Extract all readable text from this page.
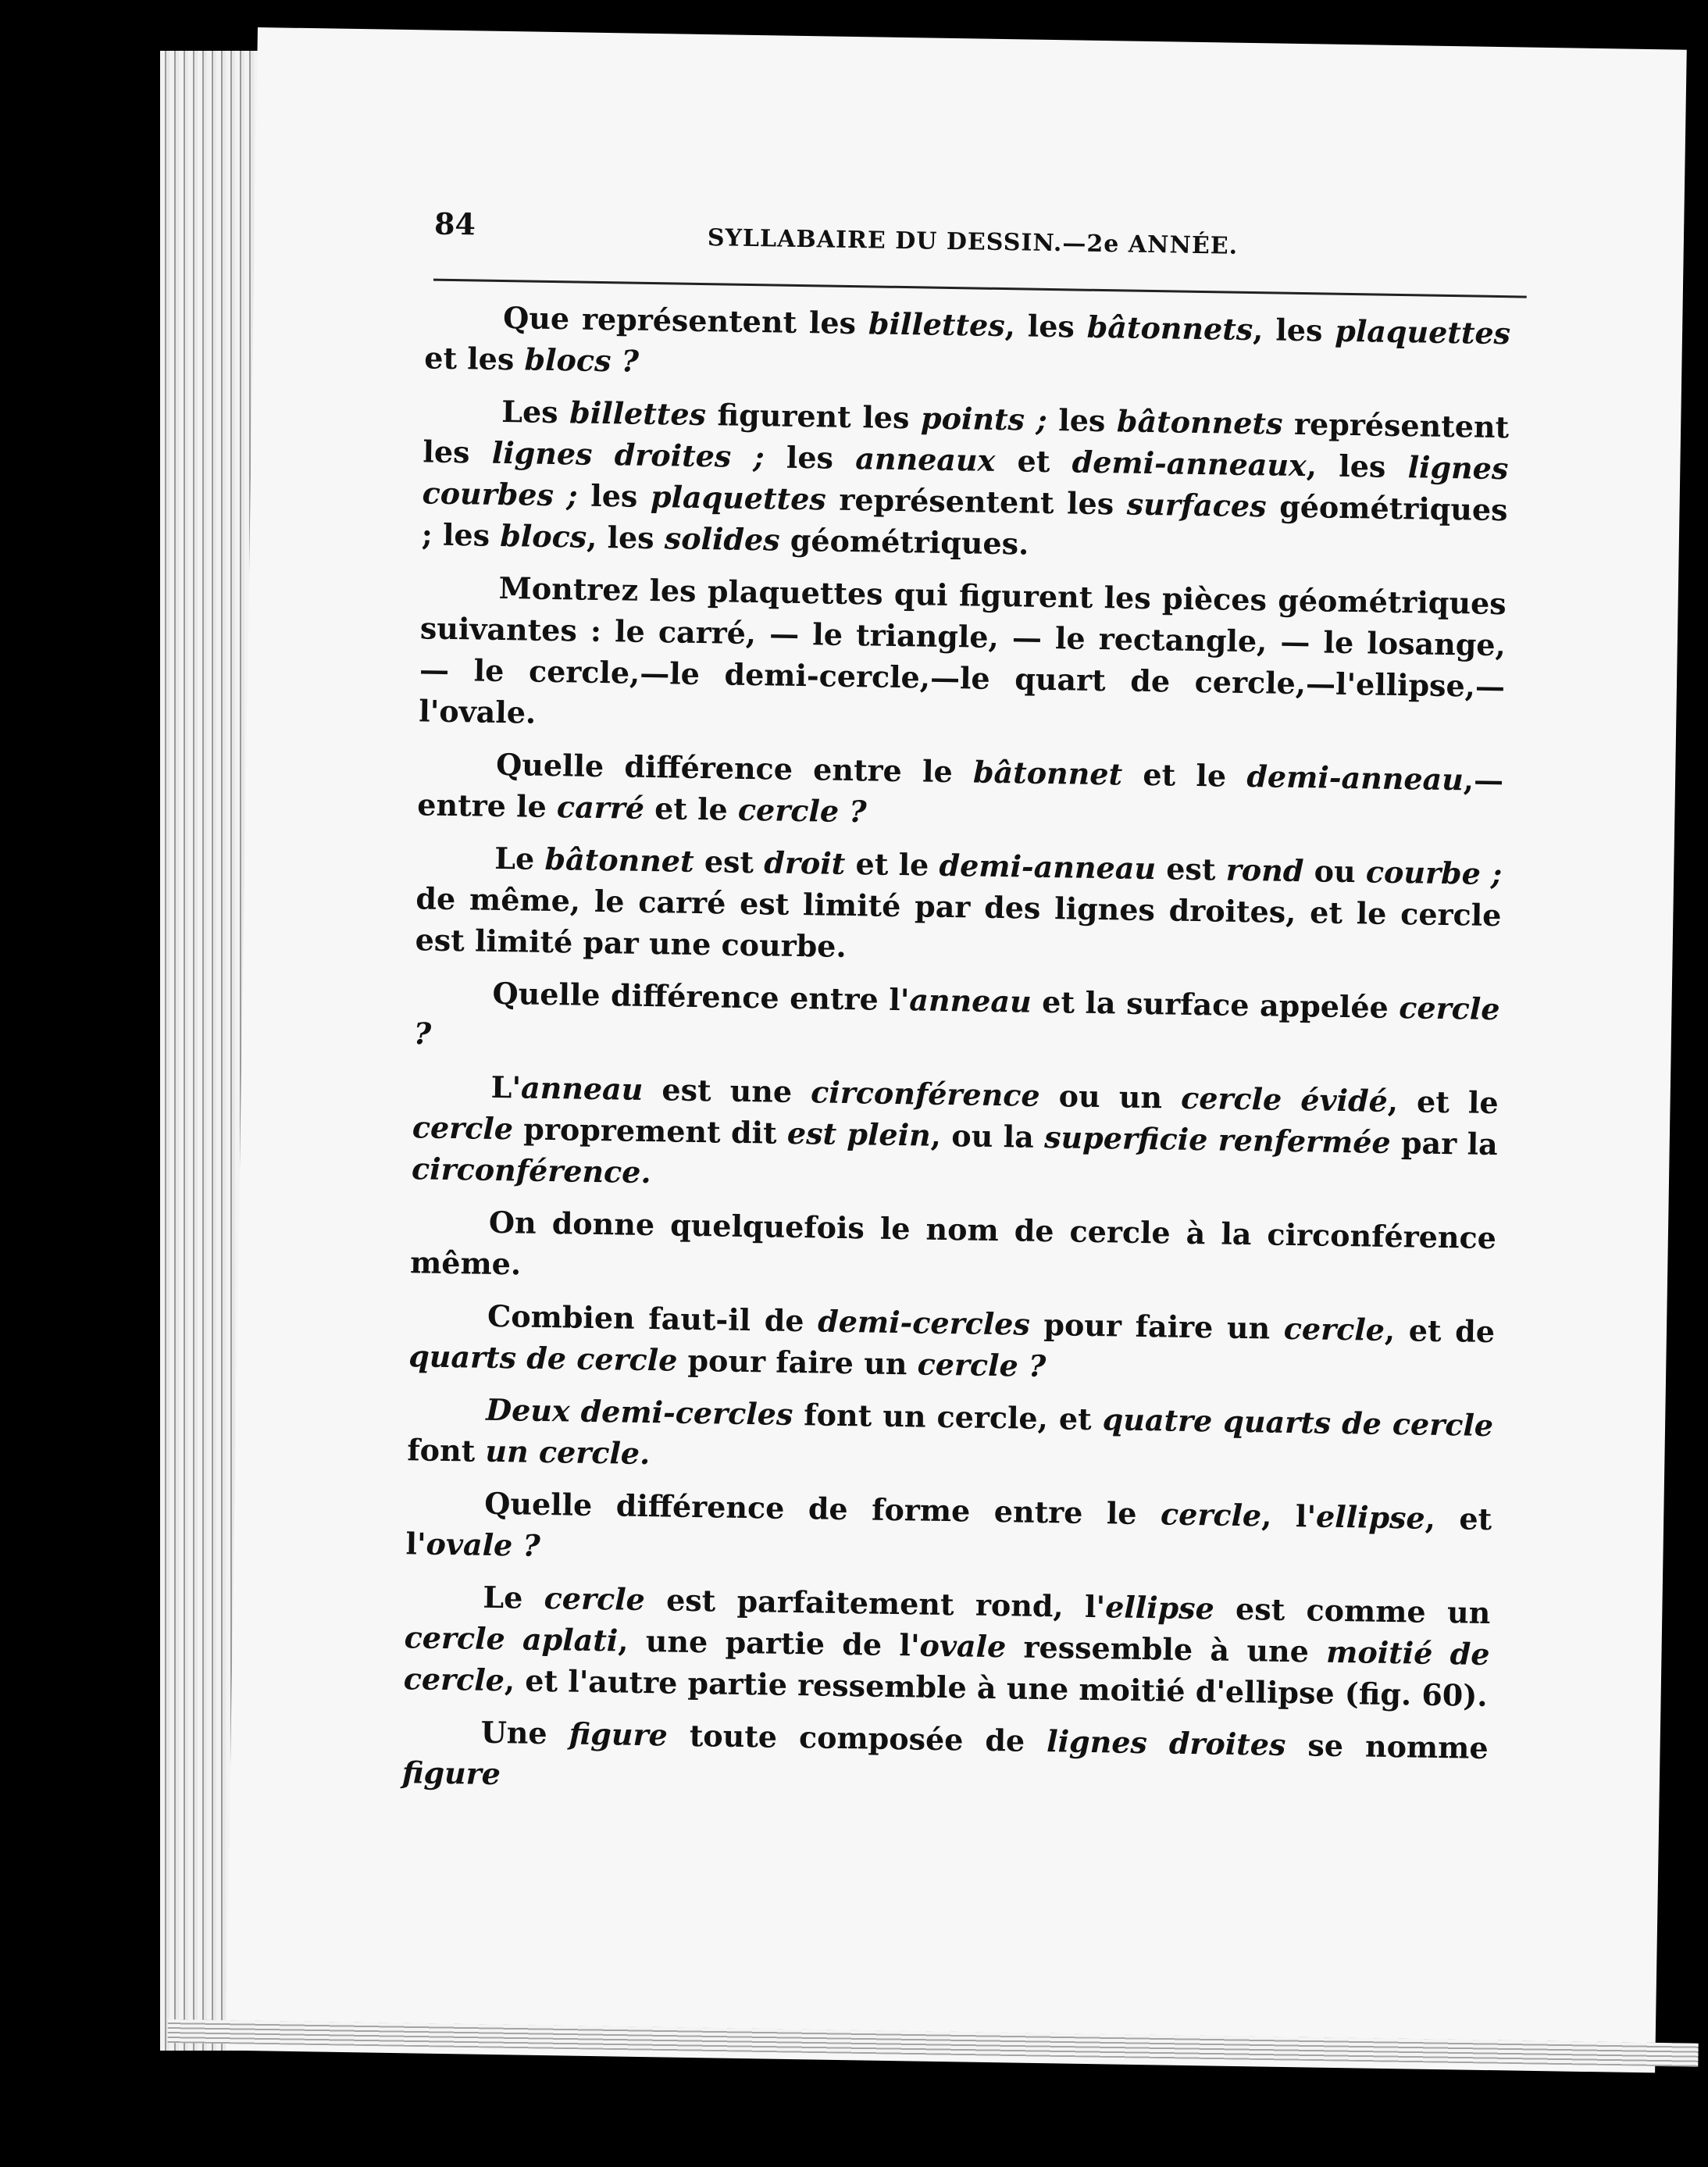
84
SYLLABAIRE DU DESSIN.—2e ANNÉE.

Que représentent les billettes, les bâtonnets, les plaquettes et les blocs ?

Les billettes figurent les points ; les bâtonnets représentent les lignes droites ; les anneaux et demi-anneaux, les lignes courbes ; les plaquettes représentent les surfaces géométriques ; les blocs, les solides géométriques.

Montrez les plaquettes qui figurent les pièces géométriques suivantes : le carré, — le triangle, — le rectangle, — le losange, — le cercle,—le demi-cercle,—le quart de cercle,—l'ellipse,—l'ovale.

Quelle différence entre le bâtonnet et le demi-anneau,—entre le carré et le cercle ?

Le bâtonnet est droit et le demi-anneau est rond ou courbe ; de même, le carré est limité par des lignes droites, et le cercle est limité par une courbe.

Quelle différence entre l'anneau et la surface appelée cercle ?

L'anneau est une circonférence ou un cercle évidé, et le cercle proprement dit est plein, ou la superficie renfermée par la circonférence.

On donne quelquefois le nom de cercle à la circonférence même.

Combien faut-il de demi-cercles pour faire un cercle, et de quarts de cercle pour faire un cercle ?

Deux demi-cercles font un cercle, et quatre quarts de cercle font un cercle.

Quelle différence de forme entre le cercle, l'ellipse, et l'ovale ?

Le cercle est parfaitement rond, l'ellipse est comme un cercle aplati, une partie de l'ovale ressemble à une moitié de cercle, et l'autre partie ressemble à une moitié d'ellipse (fig. 60).

Une figure toute composée de lignes droites se nomme figure
